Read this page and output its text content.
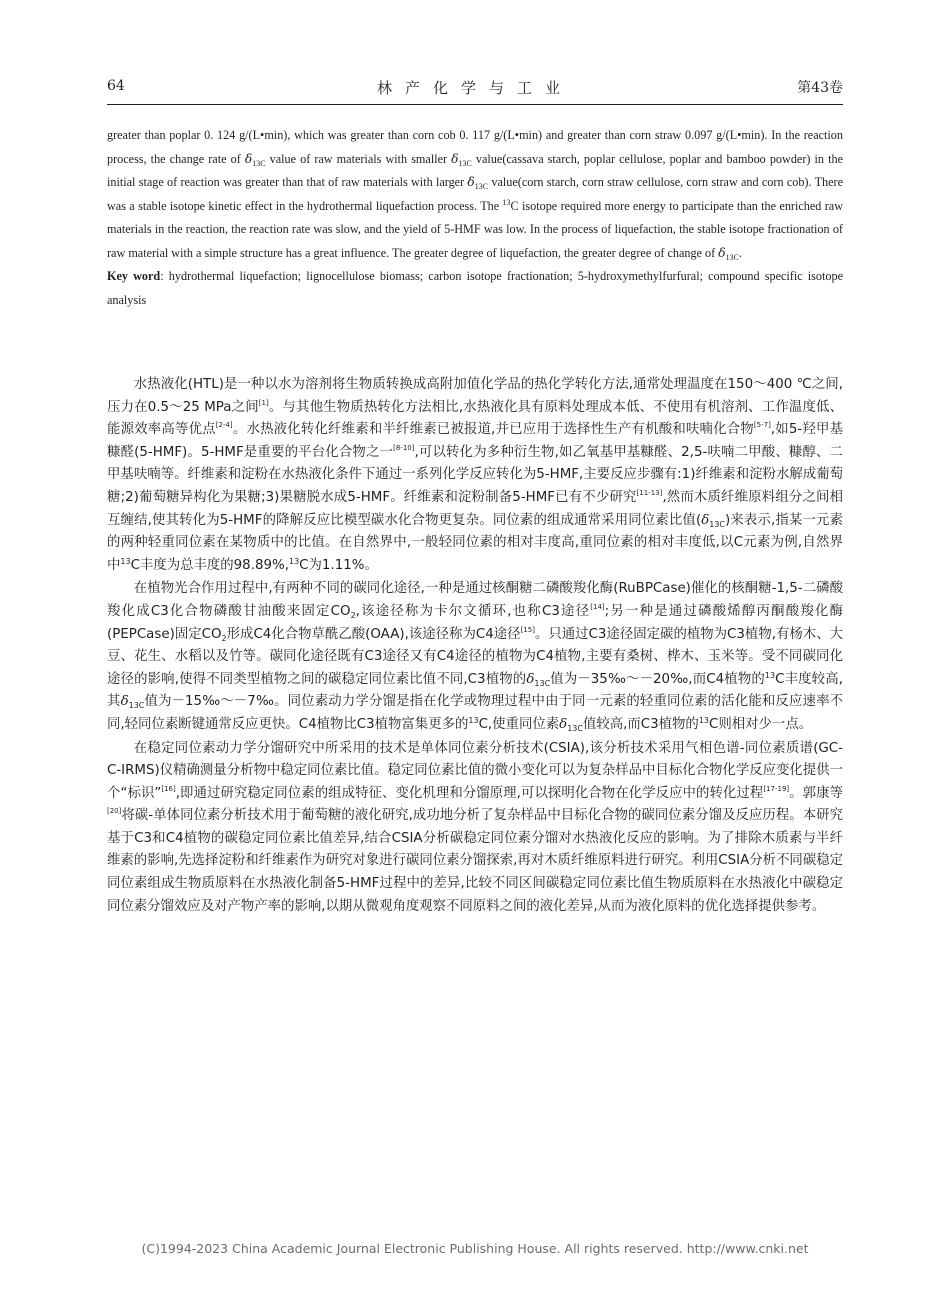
64	林产化学与工业	第43卷

greater than poplar 0. 124 g/(L•min), which was greater than corn cob 0. 117 g/(L•min) and greater than corn straw 0.097 g/(L•min). In the reaction process, the change rate of $\delta_{13C}$ value of raw materials with smaller $\delta_{13C}$ value(cassava starch, poplar cellulose, poplar and bamboo powder) in the initial stage of reaction was greater than that of raw materials with larger $\delta_{13C}$ value(corn starch, corn straw cellulose, corn straw and corn cob). There was a stable isotope kinetic effect in the hydrothermal liquefaction process. The $^{13}$C isotope required more energy to participate than the enriched raw materials in the reaction, the reaction rate was slow, and the yield of 5-HMF was low. In the process of liquefaction, the stable isotope fractionation of raw material with a simple structure has a great influence. The greater degree of liquefaction, the greater degree of change of $\delta_{13C}$.

Key word: hydrothermal liquefaction; lignocellulose biomass; carbon isotope fractionation; 5-hydroxymethylfurfural; compound specific isotope analysis

水热液化(HTL)是一种以水为溶剂将生物质转换成高附加值化学品的热化学转化方法,通常处理温度在150～400 ℃之间,压力在0.5～25 MPa之间[1]。与其他生物质热转化方法相比,水热液化具有原料处理成本低、不使用有机溶剂、工作温度低、能源效率高等优点[2-4]。水热液化转化纤维素和半纤维素已被报道,并已应用于选择性生产有机酸和呋喃化合物[5-7],如5-羟甲基糠醛(5-HMF)。5-HMF是重要的平台化合物之一[8-10],可以转化为多种衍生物,如乙氧基甲基糠醛、2,5-呋喃二甲酸、糠醇、二甲基呋喃等。纤维素和淀粉在水热液化条件下通过一系列化学反应转化为5-HMF,主要反应步骤有:1)纤维素和淀粉水解成葡萄糖;2)葡萄糖异构化为果糖;3)果糖脱水成5-HMF。纤维素和淀粉制备5-HMF已有不少研究[11-13],然而木质纤维原料组分之间相互缠结,使其转化为5-HMF的降解反应比模型碳水化合物更复杂。同位素的组成通常采用同位素比值$(\delta_{13C})$来表示,指某一元素的两种轻重同位素在某物质中的比值。在自然界中,一般轻同位素的相对丰度高,重同位素的相对丰度低,以C元素为例,自然界中$^{13}$C丰度为总丰度的98.89%,$^{13}$C为1.11%。

在植物光合作用过程中,有两种不同的碳同化途径,一种是通过核酮糖二磷酸羧化酶(RuBPCase)催化的核酮糖-1,5-二磷酸羧化成C3化合物磷酸甘油酸来固定$CO_2$,该途径称为卡尔文循环,也称C3途径[14];另一种是通过磷酸烯醇丙酮酸羧化酶(PEPCase)固定$CO_2$形成C4化合物草酰乙酸(OAA),该途径称为C4途径[15]。只通过C3途径固定碳的植物为C3植物,有杨木、大豆、花生、水稻以及竹等。碳同化途径既有C3途径又有C4途径的植物为C4植物,主要有桑树、桦木、玉米等。受不同碳同化途径的影响,使得不同类型植物之间的碳稳定同位素比值不同,C3植物的$\delta_{13C}$值为－35‰～－20‰,而C4植物的$^{13}$C丰度较高,其$\delta_{13C}$值为－15‰～－7‰。同位素动力学分馏是指在化学或物理过程中由于同一元素的轻重同位素的活化能和反应速率不同,轻同位素断键通常反应更快。C4植物比C3植物富集更多的$^{13}$C,使重同位素$\delta_{13C}$值较高,而C3植物的$^{13}$C则相对少一点。

在稳定同位素动力学分馏研究中所采用的技术是单体同位素分析技术(CSIA),该分析技术采用气相色谱-同位素质谱(GC-C-IRMS)仪精确测量分析物中稳定同位素比值。稳定同位素比值的微小变化可以为复杂样品中目标化合物化学反应变化提供一个“标识”[16],即通过研究稳定同位素的组成特征、变化机理和分馏原理,可以探明化合物在化学反应中的转化过程[17-19]。郭康等[20]将碳-单体同位素分析技术用于葡萄糖的液化研究,成功地分析了复杂样品中目标化合物的碳同位素分馏及反应历程。本研究基于C3和C4植物的碳稳定同位素比值差异,结合CSIA分析碳稳定同位素分馏对水热液化反应的影响。为了排除木质素与半纤维素的影响,先选择淀粉和纤维素作为研究对象进行碳同位素分馏探索,再对木质纤维原料进行研究。利用CSIA分析不同碳稳定同位素组成生物质原料在水热液化制备5-HMF过程中的差异,比较不同区间碳稳定同位素比值生物质原料在水热液化中碳稳定同位素分馏效应及对产物产率的影响,以期从微观角度观察不同原料之间的液化差异,从而为液化原料的优化选择提供参考。

(C)1994-2023 China Academic Journal Electronic Publishing House. All rights reserved. http://www.cnki.net
